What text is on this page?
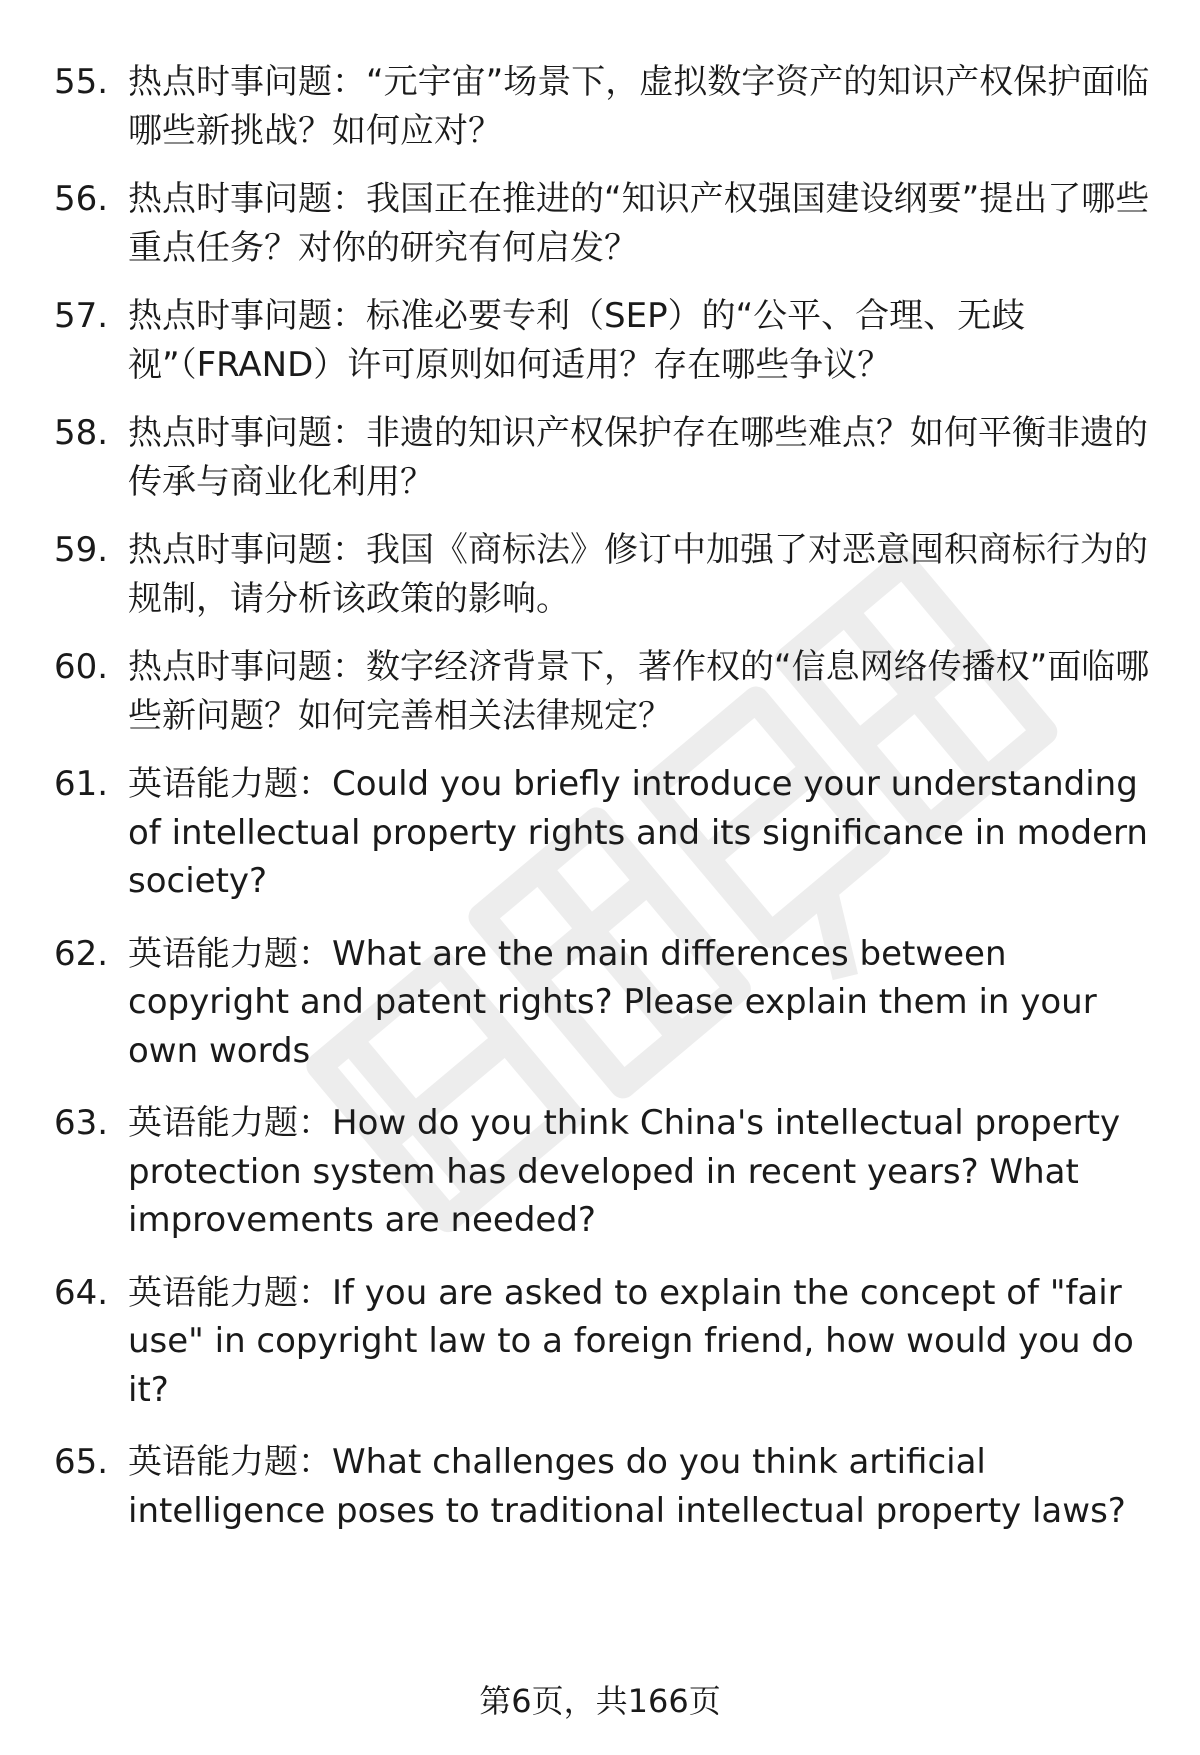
55. 热点时事问题：“元宇宙”场景下，虚拟数字资产的知识产权保护面临哪些新挑战？如何应对？
56. 热点时事问题：我国正在推进的“知识产权强国建设纲要”提出了哪些重点任务？对你的研究有何启发？
57. 热点时事问题：标准必要专利（SEP）的“公平、合理、无歧视”（FRAND）许可原则如何适用？存在哪些争议？
58. 热点时事问题：非遗的知识产权保护存在哪些难点？如何平衡非遗的传承与商业化利用？
59. 热点时事问题：我国《商标法》修订中加强了对恶意囤积商标行为的规制，请分析该政策的影响。
60. 热点时事问题：数字经济背景下，著作权的“信息网络传播权”面临哪些新问题？如何完善相关法律规定？
61. 英语能力题：Could you briefly introduce your understanding of intellectual property rights and its significance in modern society?
62. 英语能力题：What are the main differences between copyright and patent rights? Please explain them in your own words
63. 英语能力题：How do you think China's intellectual property protection system has developed in recent years? What improvements are needed?
64. 英语能力题：If you are asked to explain the concept of "fair use" in copyright law to a foreign friend, how would you do it?
65. 英语能力题：What challenges do you think artificial intelligence poses to traditional intellectual property laws?
第6页，共166页
